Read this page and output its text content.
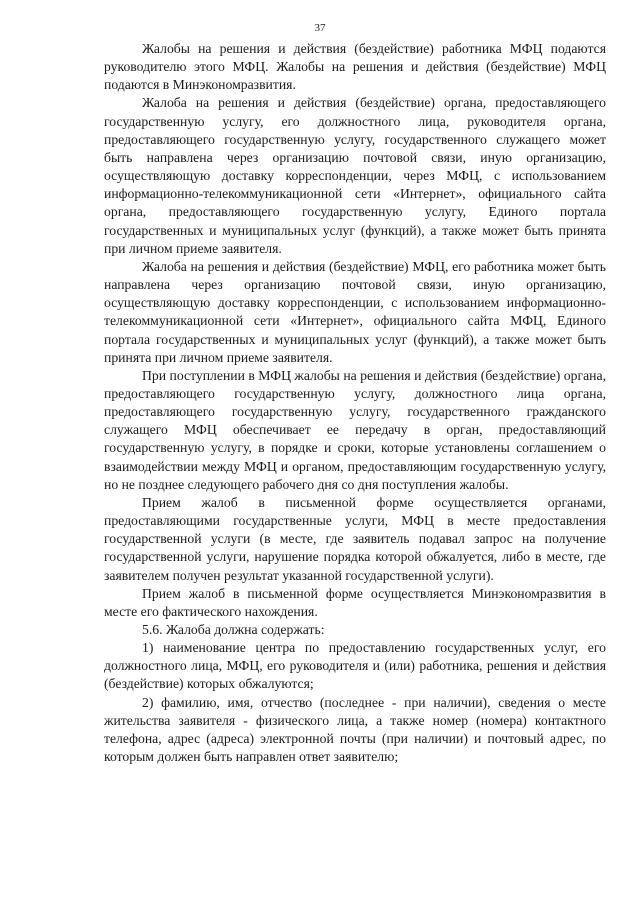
37

Жалобы на решения и действия (бездействие) работника МФЦ подаются руководителю этого МФЦ. Жалобы на решения и действия (бездействие) МФЦ подаются в Минэкономразвития.

Жалоба на решения и действия (бездействие) органа, предоставляющего государственную услугу, его должностного лица, руководителя органа, предоставляющего государственную услугу, государственного служащего может быть направлена через организацию почтовой связи, иную организацию, осуществляющую доставку корреспонденции, через МФЦ, с использованием информационно-телекоммуникационной сети «Интернет», официального сайта органа, предоставляющего государственную услугу, Единого портала государственных и муниципальных услуг (функций), а также может быть принята при личном приеме заявителя.

Жалоба на решения и действия (бездействие) МФЦ, его работника может быть направлена через организацию почтовой связи, иную организацию, осуществляющую доставку корреспонденции, с использованием информационно-телекоммуникационной сети «Интернет», официального сайта МФЦ, Единого портала государственных и муниципальных услуг (функций), а также может быть принята при личном приеме заявителя.

При поступлении в МФЦ жалобы на решения и действия (бездействие) органа, предоставляющего государственную услугу, должностного лица органа, предоставляющего государственную услугу, государственного гражданского служащего МФЦ обеспечивает ее передачу в орган, предоставляющий государственную услугу, в порядке и сроки, которые установлены соглашением о взаимодействии между МФЦ и органом, предоставляющим государственную услугу, но не позднее следующего рабочего дня со дня поступления жалобы.

Прием жалоб в письменной форме осуществляется органами, предоставляющими государственные услуги, МФЦ в месте предоставления государственной услуги (в месте, где заявитель подавал запрос на получение государственной услуги, нарушение порядка которой обжалуется, либо в месте, где заявителем получен результат указанной государственной услуги).

Прием жалоб в письменной форме осуществляется Минэкономразвития в месте его фактического нахождения.

5.6. Жалоба должна содержать:

1) наименование центра по предоставлению государственных услуг, его должностного лица, МФЦ, его руководителя и (или) работника, решения и действия (бездействие) которых обжалуются;

2) фамилию, имя, отчество (последнее - при наличии), сведения о месте жительства заявителя - физического лица, а также номер (номера) контактного телефона, адрес (адреса) электронной почты (при наличии) и почтовый адрес, по которым должен быть направлен ответ заявителю;
